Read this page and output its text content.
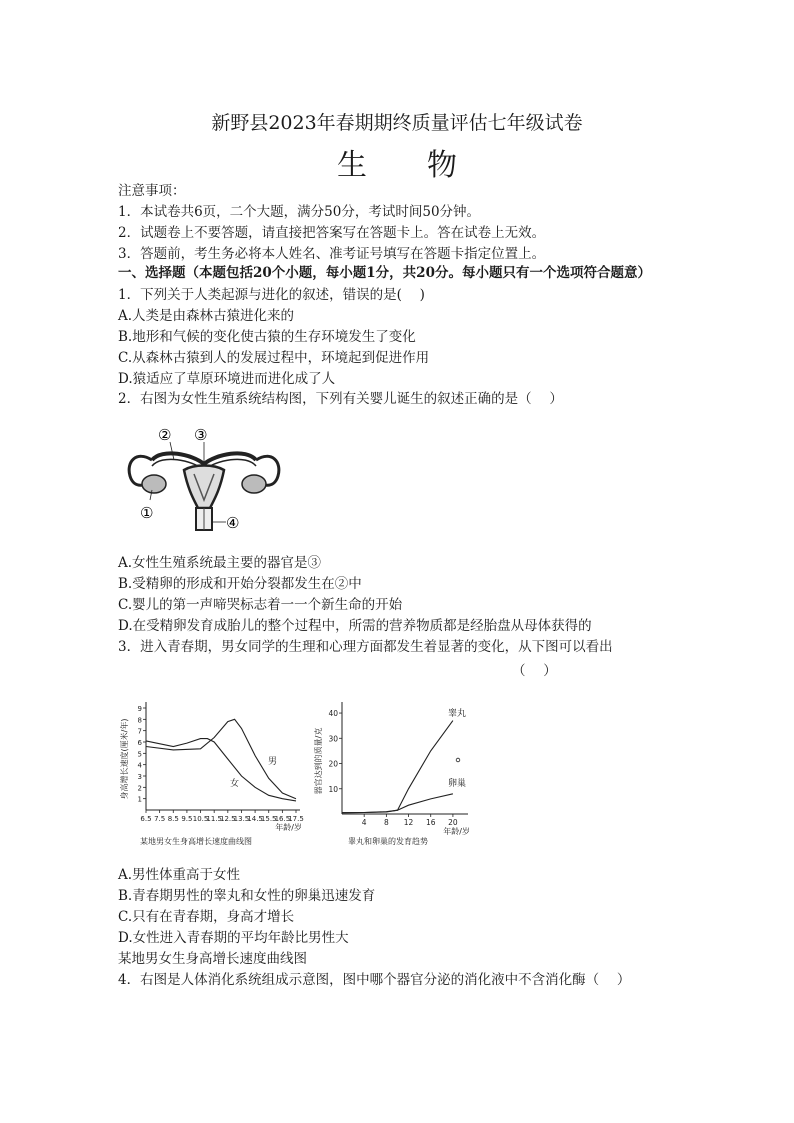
新野县2023年春期期终质量评估七年级试卷
生物
注意事项：
1．本试卷共6页，二个大题，满分50分，考试时间50分钟。
2．试题卷上不要答题，请直接把答案写在答题卡上。答在试卷上无效。
3．答题前，考生务必将本人姓名、准考证号填写在答题卡指定位置上。
一、选择题（本题包括20个小题，每小题1分，共20分。每小题只有一个选项符合题意）
1．下列关于人类起源与进化的叙述，错误的是(　 )
A.人类是由森林古猿进化来的
B.地形和气候的变化使古猿的生存环境发生了变化
C.从森林古猿到人的发展过程中，环境起到促进作用
D.猿适应了草原环境进而进化成了人
2．右图为女性生殖系统结构图，下列有关婴儿诞生的叙述正确的是（　 ）
② ③
①
④
A.女性生殖系统最主要的器官是③
B.受精卵的形成和开始分裂都发生在②中
C.婴儿的第一声啼哭标志着一一个新生命的开始
D.在受精卵发育成胎儿的整个过程中，所需的营养物质都是经胎盘从母体获得的
3．进入青春期，男女同学的生理和心理方面都发生着显著的变化，从下图可以看出
（　 ）
1
2
3
4
5
6
7
8
9
6.5 7.5 8.5 9.5 10.5
11.5
12.5
13.5
14.5
15.5
16.5
17.5
年龄/岁
身高增长速度(厘米/年)	男
女
某地男女生身高增长速度曲线图
10
20
30
40
4 8 12 16 20
年龄/岁
器官达到的质量/克
睾丸
卵巢
睾丸和卵巢的发育趋势
A.男性体重高于女性
B.青春期男性的睾丸和女性的卵巢迅速发育
C.只有在青春期，身高才增长
D.女性进入青春期的平均年龄比男性大
某地男女生身高增长速度曲线图
4．右图是人体消化系统组成示意图，图中哪个器官分泌的消化液中不含消化酶（　 ）
